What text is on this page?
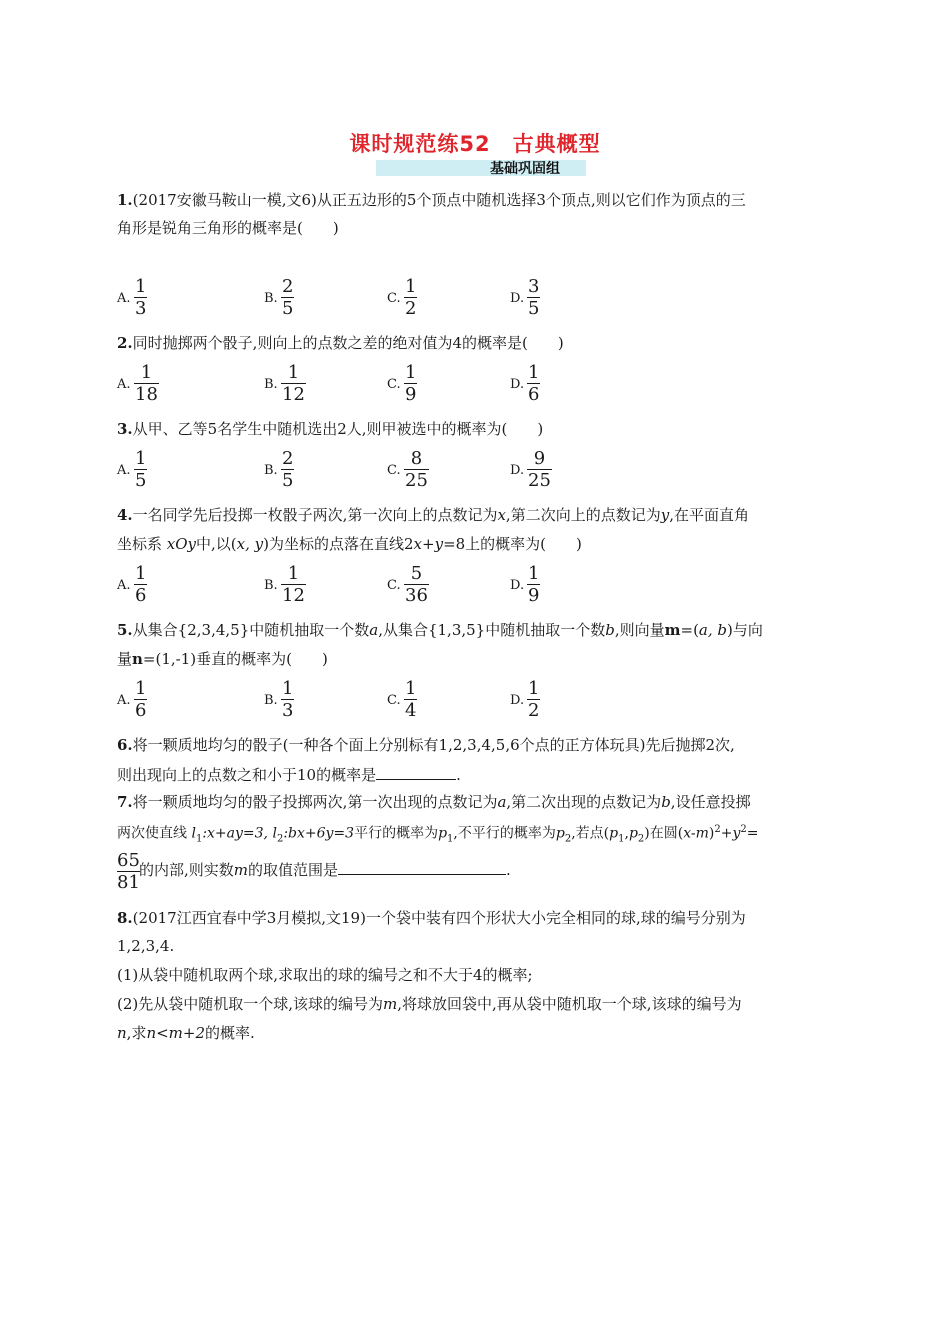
课时规范练52　古典概型
基础巩固组
1.(2017安徽马鞍山一模,文6)从正五边形的5个顶点中随机选择3个顶点,则以它们作为顶点的三
角形是锐角三角形的概率是(　　)
A.
1
3	B.
2
5	C.
1
2	D.
3
5
2.同时抛掷两个骰子,则向上的点数之差的绝对值为4的概率是(　　)
A.
1
18	B.
1
12	C.
1
9	D.
1
6
3.从甲、乙等5名学生中随机选出2人,则甲被选中的概率为(　　)
A.
1
5	B.
2
5	C.
8
25	D.
9
25
4.一名同学先后投掷一枚骰子两次,第一次向上的点数记为x,第二次向上的点数记为y,在平面直角
坐标系 xOy中,以(x, y)为坐标的点落在直线2x+y=8上的概率为(　　)
A.
1
6	B.
1
12	C.
5
36	D.
1
9
5.从集合{2,3,4,5}中随机抽取一个数a,从集合{1,3,5}中随机抽取一个数b,则向量m=(a, b)与向
量n=(1,-1)垂直的概率为(　　)
A.
1
6	B.
1
3	C.
1
4	D.
1
2
6.将一颗质地均匀的骰子(一种各个面上分别标有1,2,3,4,5,6个点的正方体玩具)先后抛掷2次,
则出现向上的点数之和小于10的概率是	.
7.将一颗质地均匀的骰子投掷两次,第一次出现的点数记为a,第二次出现的点数记为b,设任意投掷
两次使直线 $l_1:x+ay=3$, $l_2:bx+6y=3$平行的概率为$p_1$,不平行的概率为$p_2$,若点$(p_1,p_2)$在圆$(x-m)^2+y^2=$
65
81
的内部,则实数m的取值范围是	.
8.(2017江西宜春中学3月模拟,文19)一个袋中装有四个形状大小完全相同的球,球的编号分别为
1,2,3,4.
(1)从袋中随机取两个球,求取出的球的编号之和不大于4的概率;
(2)先从袋中随机取一个球,该球的编号为m,将球放回袋中,再从袋中随机取一个球,该球的编号为
n,求n<m+2的概率.
